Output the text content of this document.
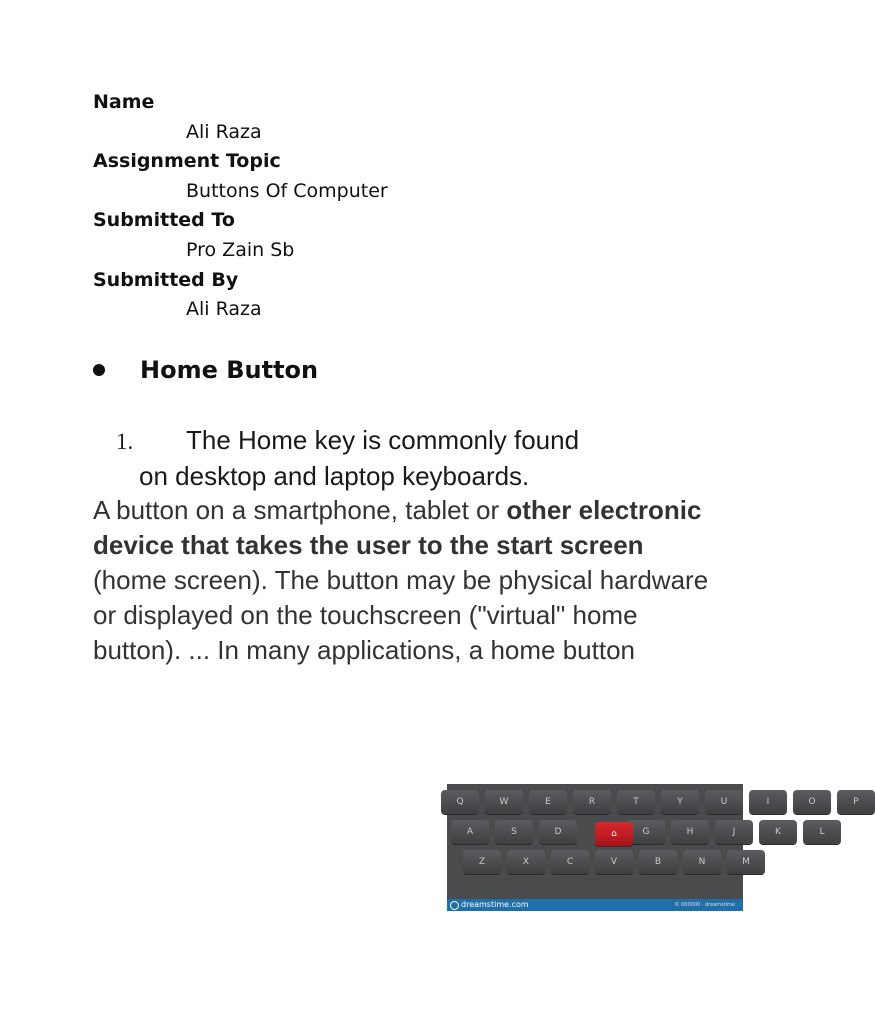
Name
Ali Raza
Assignment Topic
Buttons Of Computer
Submitted To
Pro Zain Sb
Submitted By
Ali Raza
Home Button
1. The Home key is commonly found
on desktop and laptop keyboards.
A button on a smartphone, tablet or other electronic device that takes the user to the start screen (home screen). The button may be physical hardware or displayed on the touchscreen ("virtual" home button). ... In many applications, a home button
Q	W	E	R	T	Y	U	I	O	P
A	S	D	G	H	J	K	L
Z	X	C	V	B	N	M
⌂
dreamstime.com	© 000000 · dreamstime
